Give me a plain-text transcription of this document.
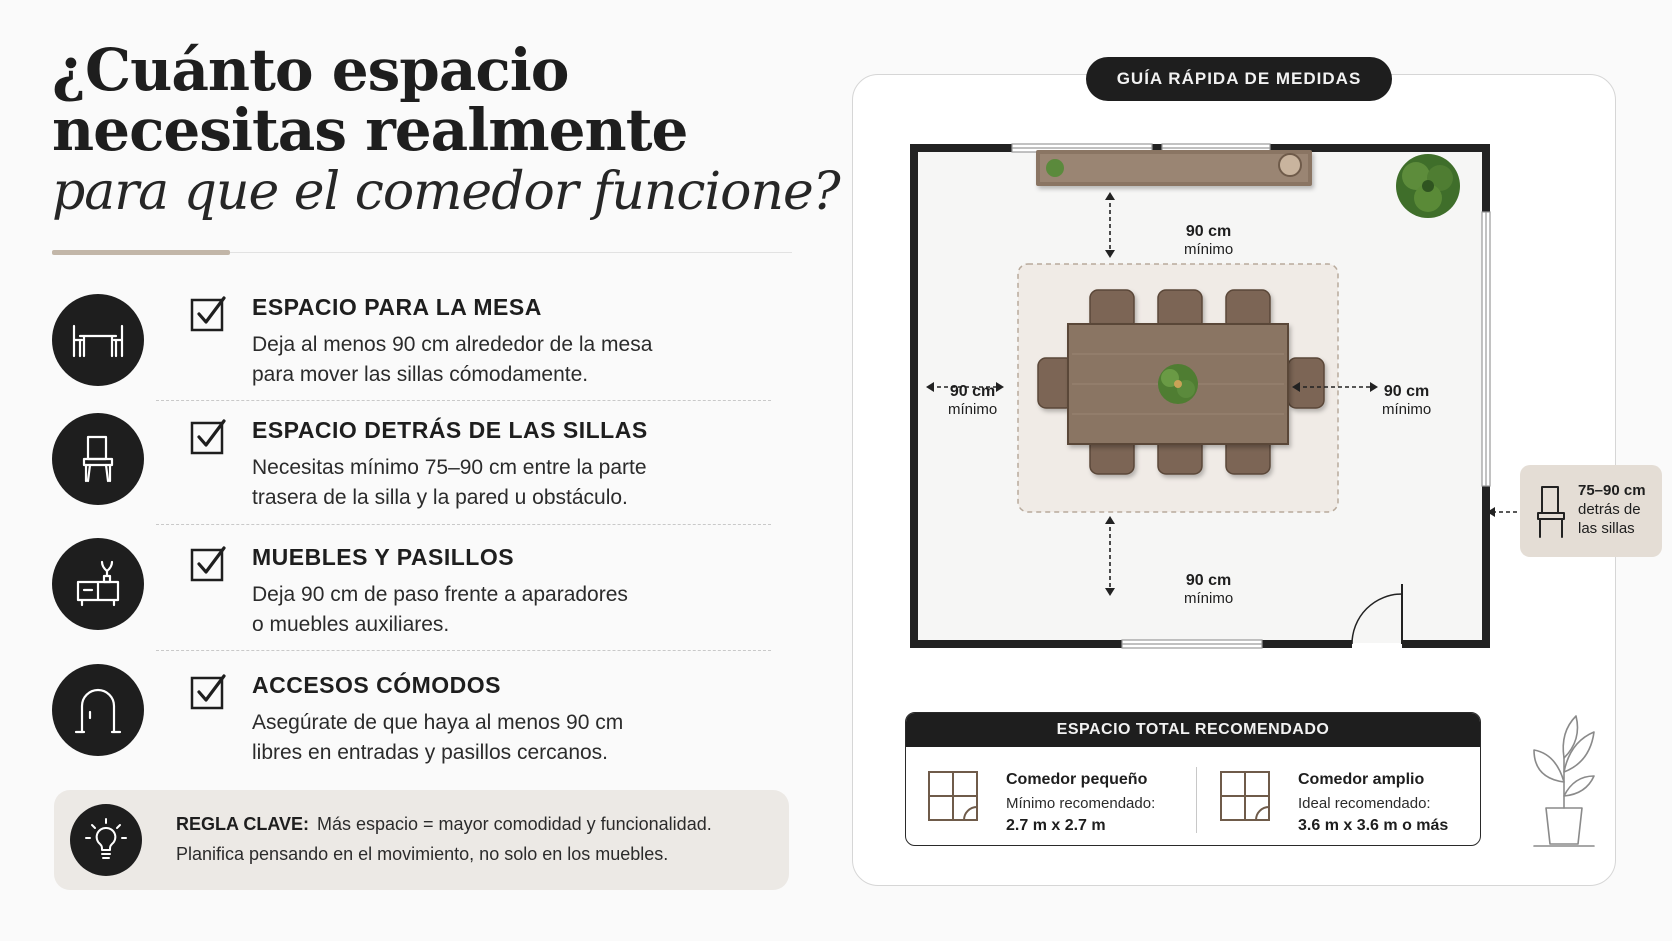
¿Cuánto espacio
necesitas realmente
para que el comedor funcione?
ESPACIO PARA LA MESA
Deja al menos 90 cm alrededor de la mesa
para mover las sillas cómodamente.
ESPACIO DETRÁS DE LAS SILLAS
Necesitas mínimo 75–90 cm entre la parte
trasera de la silla y la pared u obstáculo.
MUEBLES Y PASILLOS
Deja 90 cm de paso frente a aparadores
o muebles auxiliares.
ACCESOS CÓMODOS
Asegúrate de que haya al menos 90 cm
libres en entradas y pasillos cercanos.
REGLA CLAVE: Más espacio = mayor comodidad y funcionalidad.
Planifica pensando en el movimiento, no solo en los muebles.
GUÍA RÁPIDA DE MEDIDAS
90 cm
mínimo
90 cm
mínimo
90 cm
mínimo
90 cm
mínimo
75–90 cm
detrás de
las sillas
ESPACIO TOTAL RECOMENDADO
Comedor pequeño
Mínimo recomendado:
2.7 m x 2.7 m
Comedor amplio
Ideal recomendado:
3.6 m x 3.6 m o más
